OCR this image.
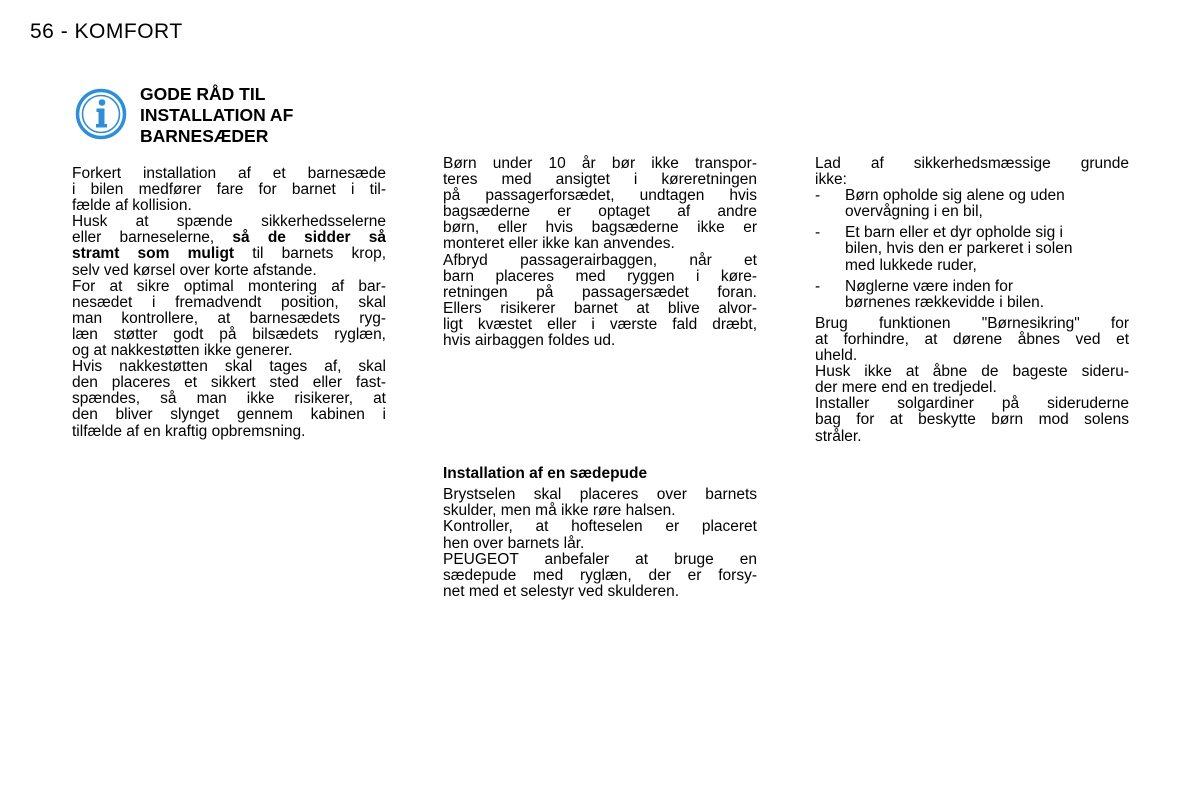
56 - KOMFORT
GODE RÅD TIL
INSTALLATION AF
BARNESÆDER
Forkert installation af et barnesæde
i bilen medfører fare for barnet i til-
fælde af kollision.
Husk at spænde sikkerhedsselerne
eller barneselerne, så de sidder så
stramt som muligt til barnets krop,
selv ved kørsel over korte afstande.
For at sikre optimal montering af bar-
nesædet i fremadvendt position, skal
man kontrollere, at barnesædets ryg-
læn støtter godt på bilsædets ryglæn,
og at nakkestøtten ikke generer.
Hvis nakkestøtten skal tages af, skal
den placeres et sikkert sted eller fast-
spændes, så man ikke risikerer, at
den bliver slynget gennem kabinen i
tilfælde af en kraftig opbremsning.
Børn under 10 år bør ikke transpor-
teres med ansigtet i køreretningen
på passagerforsædet, undtagen hvis
bagsæderne er optaget af andre
børn, eller hvis bagsæderne ikke er
monteret eller ikke kan anvendes.
Afbryd passagerairbaggen, når et
barn placeres med ryggen i køre-
retningen på passagersædet foran.
Ellers risikerer barnet at blive alvor-
ligt kvæstet eller i værste fald dræbt,
hvis airbaggen foldes ud.
Installation af en sædepude
Brystselen skal placeres over barnets
skulder, men må ikke røre halsen.
Kontroller, at hofteselen er placeret
hen over barnets lår.
PEUGEOT anbefaler at bruge en
sædepude med ryglæn, der er forsy-
net med et selestyr ved skulderen.
Lad af sikkerhedsmæssige grunde
ikke:
- Børn ophold​e sig alene og uden
overvågning i en bil,
- Et barn eller et dyr opholde sig i
bilen, hvis den er parkeret i solen
med lukkede ruder,
- Nøglerne være inden for
børnenes rækkevidde i bilen.
Brug funktionen "Børnesikring" for
at forhindre, at dørene åbnes ved et
uheld.
Husk ikke at åbne de bageste sideru-
der mere end en tredjedel.
Installer solgardiner på sideruderne
bag for at beskytte børn mod solens
stråler.
